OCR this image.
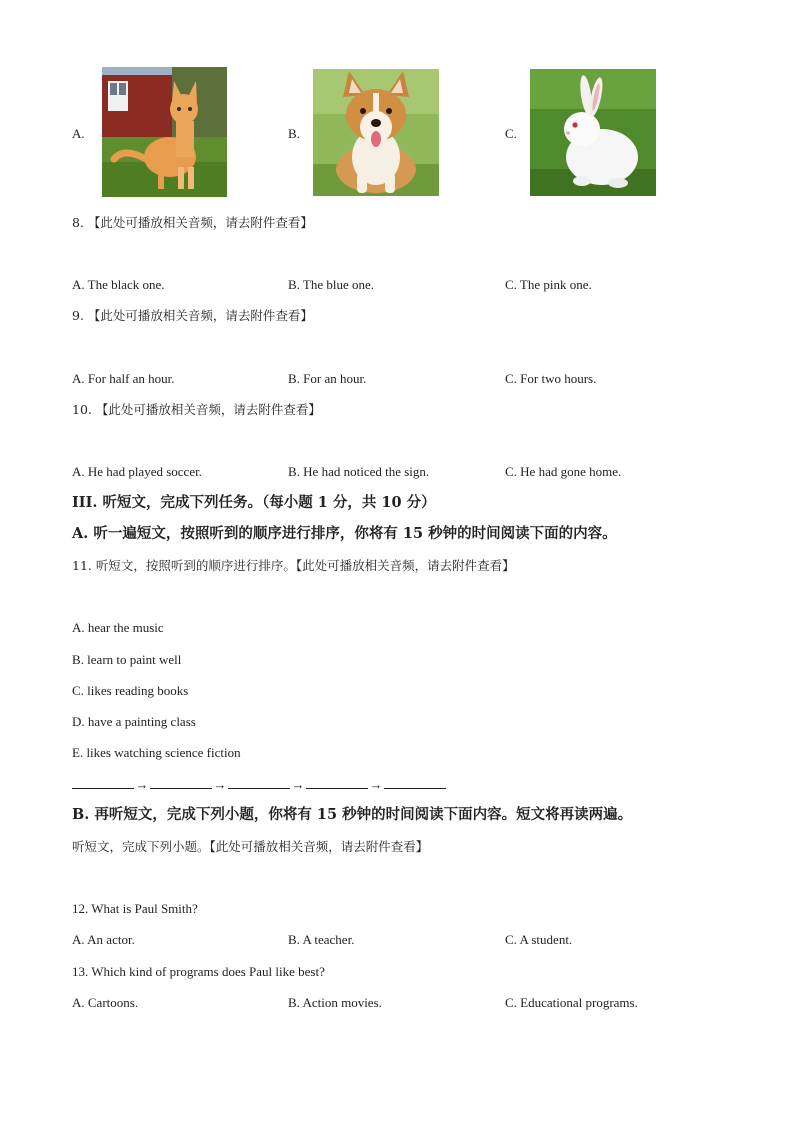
A.	B.	C.
8. 【此处可播放相关音频，请去附件查看】
A. The black one.	B. The blue one.	C. The pink one.
9. 【此处可播放相关音频，请去附件查看】
A. For half an hour.	B. For an hour.	C. For two hours.
10. 【此处可播放相关音频，请去附件查看】
A. He had played soccer.	B. He had noticed the sign.	C. He had gone home.
III. 听短文，完成下列任务。（每小题 1 分，共 10 分）
A. 听一遍短文，按照听到的顺序进行排序，你将有 15 秒钟的时间阅读下面的内容。
11. 听短文，按照听到的顺序进行排序。【此处可播放相关音频，请去附件查看】
A. hear the music
B. learn to paint well
C. likes reading books
D. have a painting class
E. likes watching science fiction
→	→	→	→
B. 再听短文，完成下列小题，你将有 15 秒钟的时间阅读下面内容。短文将再读两遍。
听短文，完成下列小题。【此处可播放相关音频，请去附件查看】
12. What is Paul Smith?
A. An actor.	B. A teacher.	C. A student.
13. Which kind of programs does Paul like best?
A. Cartoons.	B. Action movies.	C. Educational programs.
